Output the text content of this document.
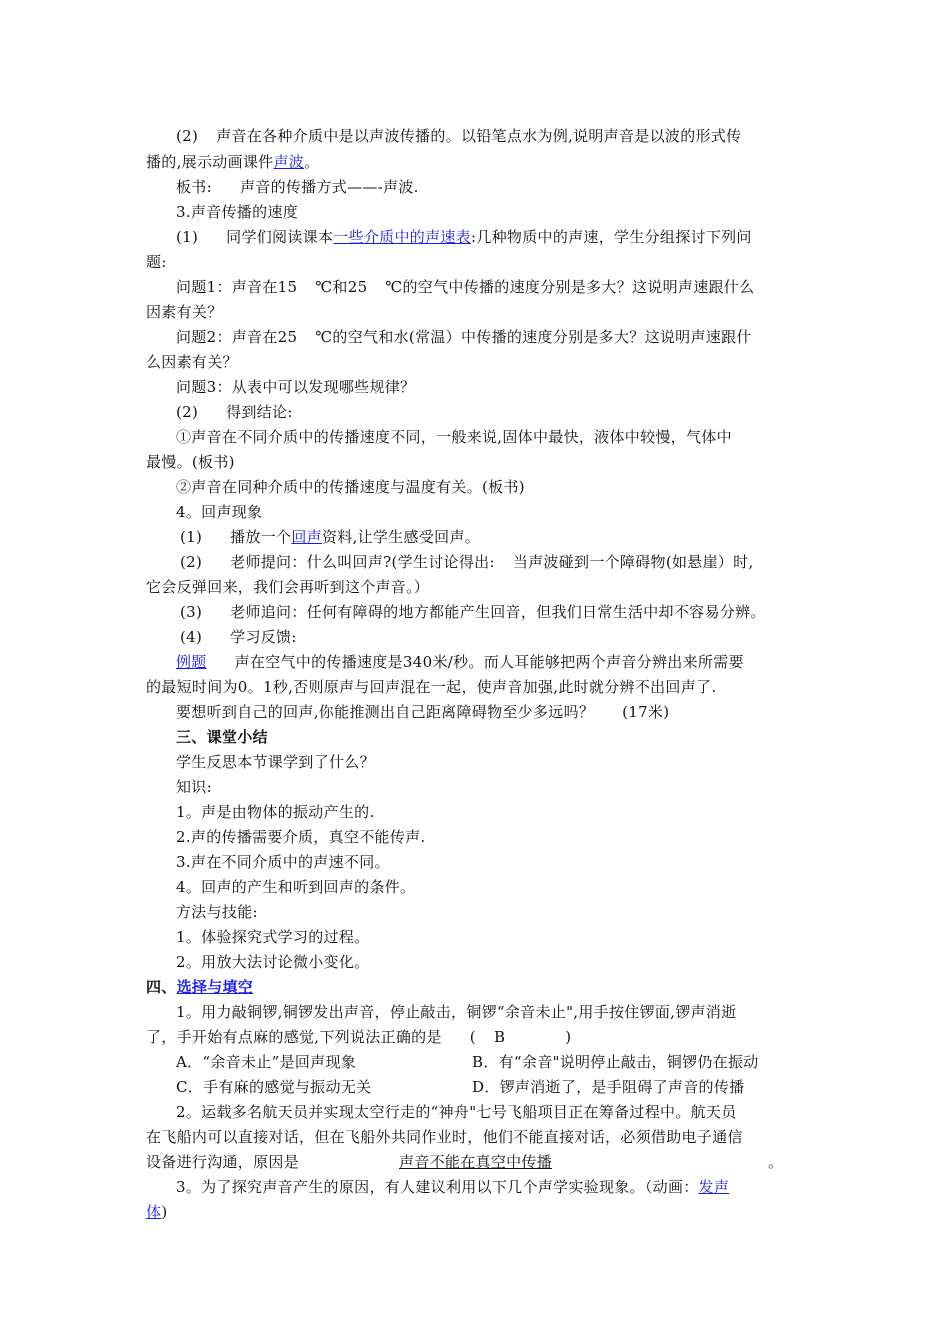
(2) 声音在各种介质中是以声波传播的。以铅笔点水为例,说明声音是以波的形式传
播的,展示动画课件声波。
板书: 声音的传播方式——-声波.
3.声音传播的速度
(1) 同学们阅读课本一些介质中的声速表:几种物质中的声速，学生分组探讨下列问
题:
问题1：声音在15 ℃和25 ℃的空气中传播的速度分别是多大？这说明声速跟什么
因素有关？
问题2：声音在25 ℃的空气和水(常温）中传播的速度分别是多大？这说明声速跟什
么因素有关？
问题3：从表中可以发现哪些规律？
(2) 得到结论:
①声音在不同介质中的传播速度不同，一般来说,固体中最快，液体中较慢，气体中
最慢。(板书)
②声音在同种介质中的传播速度与温度有关。(板书)
4。回声现象
(1) 播放一个回声资料,让学生感受回声。
(2) 老师提问：什么叫回声?(学生讨论得出: 当声波碰到一个障碍物(如悬崖）时,
它会反弹回来，我们会再听到这个声音。）
(3) 老师追问：任何有障碍的地方都能产生回音，但我们日常生活中却不容易分辨。
(4) 学习反馈:
例题 声在空气中的传播速度是340米/秒。而人耳能够把两个声音分辨出来所需要
的最短时间为0。1秒,否则原声与回声混在一起，使声音加强,此时就分辨不出回声了.
要想听到自己的回声,你能推测出自己距离障碍物至少多远吗？ (17米)
三、课堂小结
学生反思本节课学到了什么？
知识:
1。声是由物体的振动产生的.
2.声的传播需要介质，真空不能传声.
3.声在不同介质中的声速不同。
4。回声的产生和听到回声的条件。
方法与技能:
1。体验探究式学习的过程。
2。用放大法讨论微小变化。
四、选择与填空
1。用力敲铜锣,铜锣发出声音，停止敲击，铜锣“余音未止",用手按住锣面,锣声消逝
了，手开始有点麻的感觉,下列说法正确的是 ( B	)
A．“余音未止”是回声现象	B．有“余音"说明停止敲击，铜锣仍在振动
C．手有麻的感觉与振动无关	D．锣声消逝了，是手阻碍了声音的传播
2。运载多名航天员并实现太空行走的“神舟"七号飞船项目正在筹备过程中。航天员
在飞船内可以直接对话，但在飞船外共同作业时，他们不能直接对话，必须借助电子通信
设备进行沟通，原因是	声音不能在真空中传播	。
3。为了探究声音产生的原因，有人建议利用以下几个声学实验现象。（动画：发声
体)
